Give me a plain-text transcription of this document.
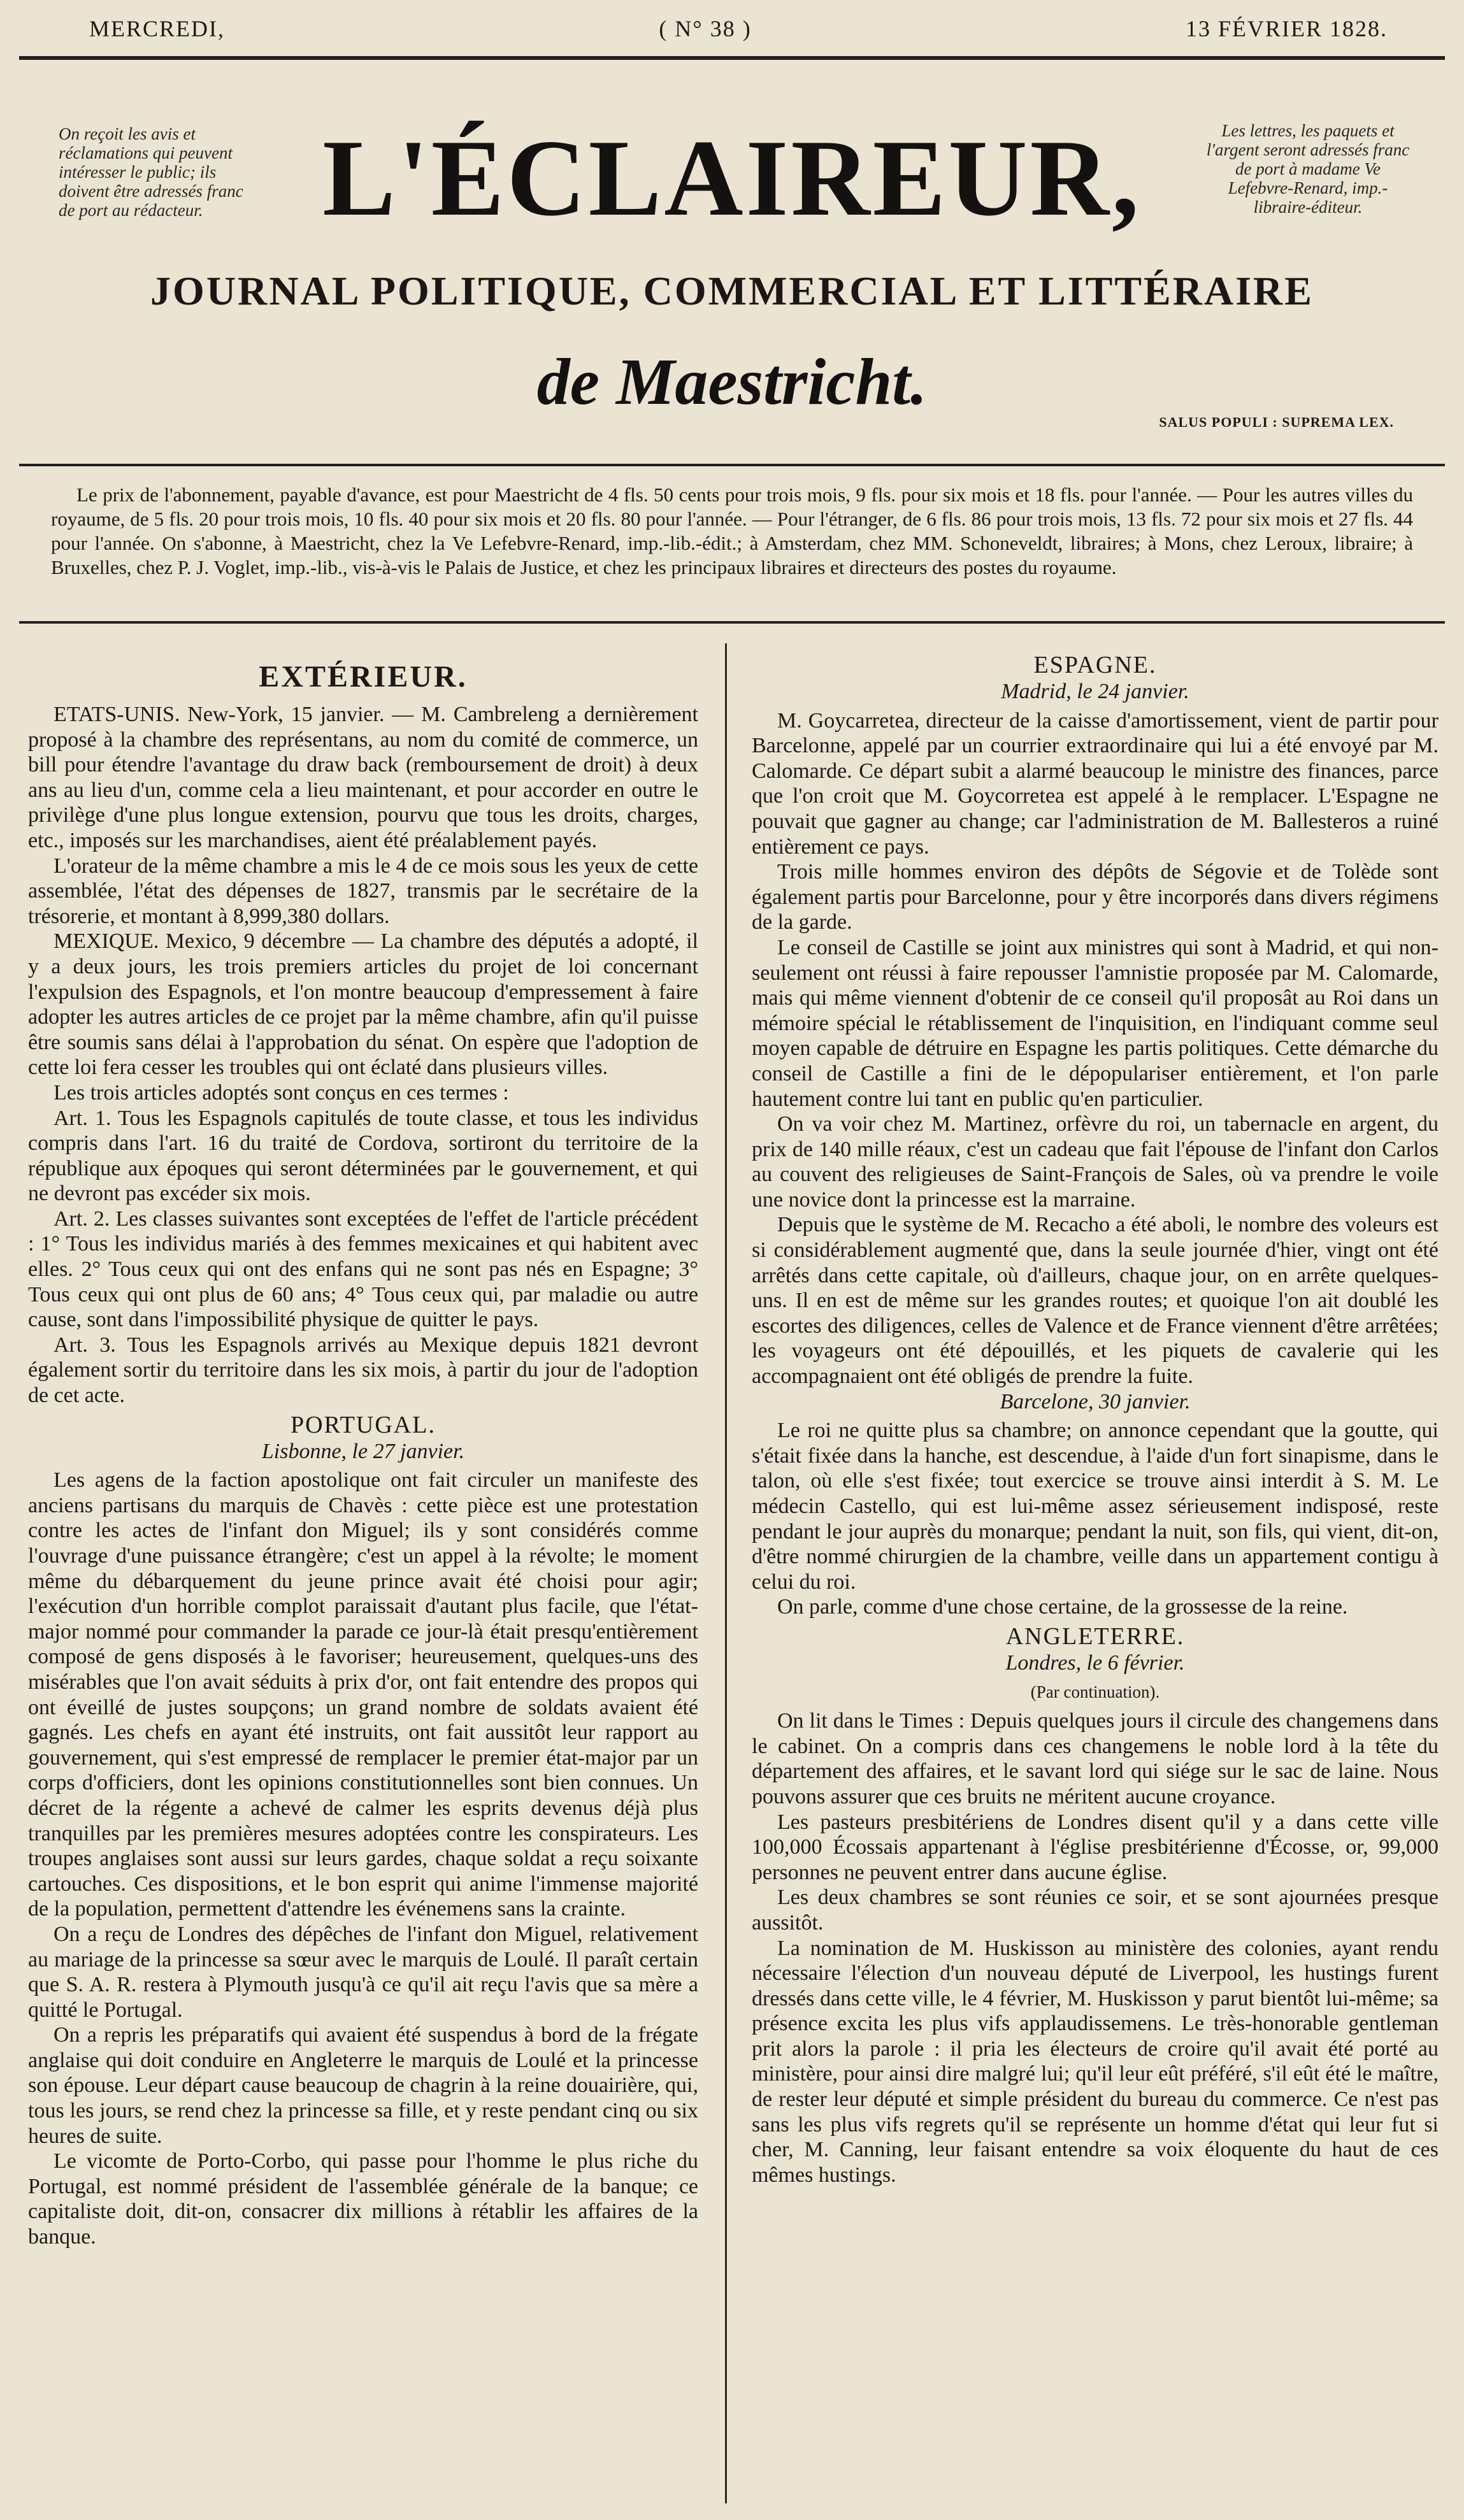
MERCREDI,	( N° 38 )	13 FÉVRIER 1828.
On reçoit les avis et réclamations qui peuvent intéresser le public; ils doivent être adressés franc de port au rédacteur.
Les lettres, les paquets et l'argent seront adressés franc de port à madame Ve Lefebvre-Renard, imp.-libraire-éditeur.
L'ÉCLAIREUR,
JOURNAL POLITIQUE, COMMERCIAL ET LITTÉRAIRE
de Maestricht.
SALUS POPULI : SUPREMA LEX.
Le prix de l'abonnement, payable d'avance, est pour Maestricht de 4 fls. 50 cents pour trois mois, 9 fls. pour six mois et 18 fls. pour l'année. — Pour les autres villes du royaume, de 5 fls. 20 pour trois mois, 10 fls. 40 pour six mois et 20 fls. 80 pour l'année. — Pour l'étranger, de 6 fls. 86 pour trois mois, 13 fls. 72 pour six mois et 27 fls. 44 pour l'année. On s'abonne, à Maestricht, chez la Ve Lefebvre-Renard, imp.-lib.-édit.; à Amsterdam, chez MM. Schoneveldt, libraires; à Mons, chez Leroux, libraire; à Bruxelles, chez P. J. Voglet, imp.-lib., vis-à-vis le Palais de Justice, et chez les principaux libraires et directeurs des postes du royaume.
EXTÉRIEUR.

ETATS-UNIS. New-York, 15 janvier. — M. Cambreleng a dernièrement proposé à la chambre des représentans, au nom du comité de commerce, un bill pour étendre l'avantage du draw back (remboursement de droit) à deux ans au lieu d'un, comme cela a lieu maintenant, et pour accorder en outre le privilège d'une plus longue extension, pourvu que tous les droits, charges, etc., imposés sur les marchandises, aient été préalablement payés.

L'orateur de la même chambre a mis le 4 de ce mois sous les yeux de cette assemblée, l'état des dépenses de 1827, transmis par le secrétaire de la trésorerie, et montant à 8,999,380 dollars.

MEXIQUE. Mexico, 9 décembre — La chambre des députés a adopté, il y a deux jours, les trois premiers articles du projet de loi concernant l'expulsion des Espagnols, et l'on montre beaucoup d'empressement à faire adopter les autres articles de ce projet par la même chambre, afin qu'il puisse être soumis sans délai à l'approbation du sénat. On espère que l'adoption de cette loi fera cesser les troubles qui ont éclaté dans plusieurs villes.

Les trois articles adoptés sont conçus en ces termes :

Art. 1. Tous les Espagnols capitulés de toute classe, et tous les individus compris dans l'art. 16 du traité de Cordova, sortiront du territoire de la république aux époques qui seront déterminées par le gouvernement, et qui ne devront pas excéder six mois.

Art. 2. Les classes suivantes sont exceptées de l'effet de l'article précédent : 1° Tous les individus mariés à des femmes mexicaines et qui habitent avec elles. 2° Tous ceux qui ont des enfans qui ne sont pas nés en Espagne; 3° Tous ceux qui ont plus de 60 ans; 4° Tous ceux qui, par maladie ou autre cause, sont dans l'impossibilité physique de quitter le pays.

Art. 3. Tous les Espagnols arrivés au Mexique depuis 1821 devront également sortir du territoire dans les six mois, à partir du jour de l'adoption de cet acte.

PORTUGAL.
Lisbonne, le 27 janvier.

Les agens de la faction apostolique ont fait circuler un manifeste des anciens partisans du marquis de Chavès : cette pièce est une protestation contre les actes de l'infant don Miguel; ils y sont considérés comme l'ouvrage d'une puissance étrangère; c'est un appel à la révolte; le moment même du débarquement du jeune prince avait été choisi pour agir; l'exécution d'un horrible complot paraissait d'autant plus facile, que l'état-major nommé pour commander la parade ce jour-là était presqu'entièrement composé de gens disposés à le favoriser; heureusement, quelques-uns des misérables que l'on avait séduits à prix d'or, ont fait entendre des propos qui ont éveillé de justes soupçons; un grand nombre de soldats avaient été gagnés. Les chefs en ayant été instruits, ont fait aussitôt leur rapport au gouvernement, qui s'est empressé de remplacer le premier état-major par un corps d'officiers, dont les opinions constitutionnelles sont bien connues. Un décret de la régente a achevé de calmer les esprits devenus déjà plus tranquilles par les premières mesures adoptées contre les conspirateurs. Les troupes anglaises sont aussi sur leurs gardes, chaque soldat a reçu soixante cartouches. Ces dispositions, et le bon esprit qui anime l'immense majorité de la population, permettent d'attendre les événemens sans la crainte.

On a reçu de Londres des dépêches de l'infant don Miguel, relativement au mariage de la princesse sa sœur avec le marquis de Loulé. Il paraît certain que S. A. R. restera à Plymouth jusqu'à ce qu'il ait reçu l'avis que sa mère a quitté le Portugal.

On a repris les préparatifs qui avaient été suspendus à bord de la frégate anglaise qui doit conduire en Angleterre le marquis de Loulé et la princesse son épouse. Leur départ cause beaucoup de chagrin à la reine douairière, qui, tous les jours, se rend chez la princesse sa fille, et y reste pendant cinq ou six heures de suite.

Le vicomte de Porto-Corbo, qui passe pour l'homme le plus riche du Portugal, est nommé président de l'assemblée générale de la banque; ce capitaliste doit, dit-on, consacrer dix millions à rétablir les affaires de la banque.

ESPAGNE.
Madrid, le 24 janvier.

M. Goycarretea, directeur de la caisse d'amortissement, vient de partir pour Barcelonne, appelé par un courrier extraordinaire qui lui a été envoyé par M. Calomarde. Ce départ subit a alarmé beaucoup le ministre des finances, parce que l'on croit que M. Goycorretea est appelé à le remplacer. L'Espagne ne pouvait que gagner au change; car l'administration de M. Ballesteros a ruiné entièrement ce pays.

Trois mille hommes environ des dépôts de Ségovie et de Tolède sont également partis pour Barcelonne, pour y être incorporés dans divers régimens de la garde.

Le conseil de Castille se joint aux ministres qui sont à Madrid, et qui non-seulement ont réussi à faire repousser l'amnistie proposée par M. Calomarde, mais qui même viennent d'obtenir de ce conseil qu'il proposât au Roi dans un mémoire spécial le rétablissement de l'inquisition, en l'indiquant comme seul moyen capable de détruire en Espagne les partis politiques. Cette démarche du conseil de Castille a fini de le dépopulariser entièrement, et l'on parle hautement contre lui tant en public qu'en particulier.

On va voir chez M. Martinez, orfèvre du roi, un tabernacle en argent, du prix de 140 mille réaux, c'est un cadeau que fait l'épouse de l'infant don Carlos au couvent des religieuses de Saint-François de Sales, où va prendre le voile une novice dont la princesse est la marraine.

Depuis que le système de M. Recacho a été aboli, le nombre des voleurs est si considérablement augmenté que, dans la seule journée d'hier, vingt ont été arrêtés dans cette capitale, où d'ailleurs, chaque jour, on en arrête quelques-uns. Il en est de même sur les grandes routes; et quoique l'on ait doublé les escortes des diligences, celles de Valence et de France viennent d'être arrêtées; les voyageurs ont été dépouillés, et les piquets de cavalerie qui les accompagnaient ont été obligés de prendre la fuite.

Barcelone, 30 janvier.

Le roi ne quitte plus sa chambre; on annonce cependant que la goutte, qui s'était fixée dans la hanche, est descendue, à l'aide d'un fort sinapisme, dans le talon, où elle s'est fixée; tout exercice se trouve ainsi interdit à S. M. Le médecin Castello, qui est lui-même assez sérieusement indisposé, reste pendant le jour auprès du monarque; pendant la nuit, son fils, qui vient, dit-on, d'être nommé chirurgien de la chambre, veille dans un appartement contigu à celui du roi.

On parle, comme d'une chose certaine, de la grossesse de la reine.

ANGLETERRE.
Londres, le 6 février.
(Par continuation).

On lit dans le Times : Depuis quelques jours il circule des changemens dans le cabinet. On a compris dans ces changemens le noble lord à la tête du département des affaires, et le savant lord qui siége sur le sac de laine. Nous pouvons assurer que ces bruits ne méritent aucune croyance.

Les pasteurs presbitériens de Londres disent qu'il y a dans cette ville 100,000 Écossais appartenant à l'église presbitérienne d'Écosse, or, 99,000 personnes ne peuvent entrer dans aucune église.

Les deux chambres se sont réunies ce soir, et se sont ajournées presque aussitôt.

La nomination de M. Huskisson au ministère des colonies, ayant rendu nécessaire l'élection d'un nouveau député de Liverpool, les hustings furent dressés dans cette ville, le 4 février, M. Huskisson y parut bientôt lui-même; sa présence excita les plus vifs applaudissemens. Le très-honorable gentleman prit alors la parole : il pria les électeurs de croire qu'il avait été porté au ministère, pour ainsi dire malgré lui; qu'il leur eût préféré, s'il eût été le maître, de rester leur député et simple président du bureau du commerce. Ce n'est pas sans les plus vifs regrets qu'il se représente un homme d'état qui leur fut si cher, M. Canning, leur faisant entendre sa voix éloquente du haut de ces mêmes hustings.
